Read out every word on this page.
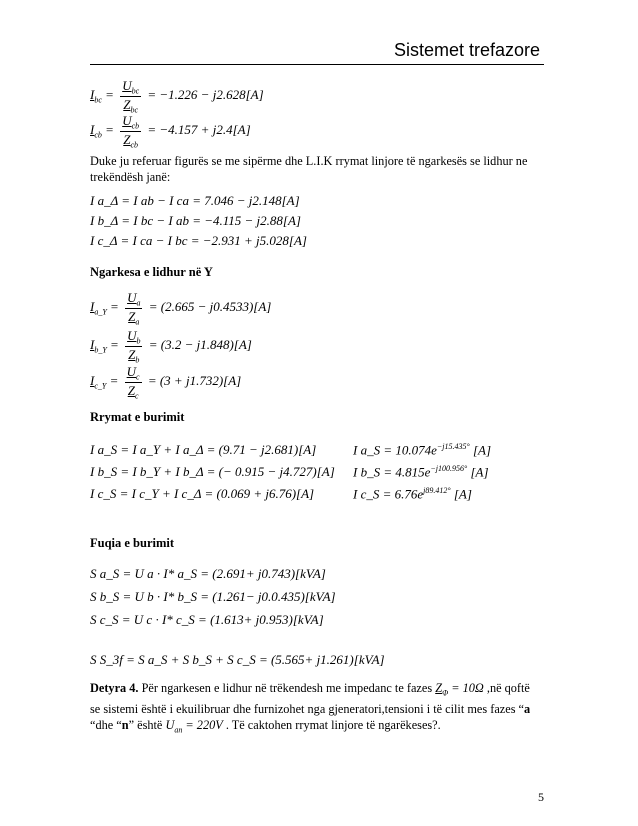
Sistemet trefazore
$I_{bc} = \frac{U_{bc}}{Z_{bc}} = -1.226 - j2.628[A]$
$I_{cb} = \frac{U_{cb}}{Z_{cb}} = -4.157 + j2.4[A]$
Duke ju referuar figurës se me sipërme dhe L.I.K rrymat linjore të ngarkesës se lidhur ne trekëndësh janë:
I a_Δ = I ab − I ca = 7.046 − j2.148[A]
I b_Δ = I bc − I ab = −4.115 − j2.88[A]
I c_Δ = I ca − I bc = −2.931 + j5.028[A]
Ngarkesa e lidhur në Y
$I_{a\_Y} = \frac{U_a}{Z_a} = (2.665 - j0.4533)[A]$
$I_{b\_Y} = \frac{U_b}{Z_b} = (3.2 - j1.848)[A]$
$I_{c\_Y} = \frac{U_c}{Z_c} = (3 + j1.732)[A]$
Rrymat e burimit
I a_S = I a_Y + I a_Δ = (9.71 − j2.681)[A]
I b_S = I b_Y + I b_Δ = (− 0.915 − j4.727)[A]
I c_S = I c_Y + I c_Δ = (0.069 + j6.76)[A]
I a_S = $10.074e^{-j15.435^\circ}$ [A]
I b_S = $4.815e^{-j100.956^\circ}$ [A]
I c_S = $6.76e^{j89.412^\circ}$ [A]
Fuqia e burimit
S a_S = U a · I* a_S = (2.691+ j0.743)[kVA]
S b_S = U b · I* b_S = (1.261− j0.0.435)[kVA]
S c_S = U c · I* c_S = (1.613+ j0.953)[kVA]
S S_3f = S a_S + S b_S + S c_S = (5.565+ j1.261)[kVA]
Detyra 4. Për ngarkesen e lidhur në trëkendesh me impedanc te fazes $Z_\Phi = 10\Omega$ ,në qoftë se sistemi është i ekuilibruar dhe furnizohet nga gjeneratori,tensioni i të cilit mes fazes “a “dhe “n” është $U_{an} = 220V$ . Të caktohen rrymat linjore të ngarëkeses?.
5
